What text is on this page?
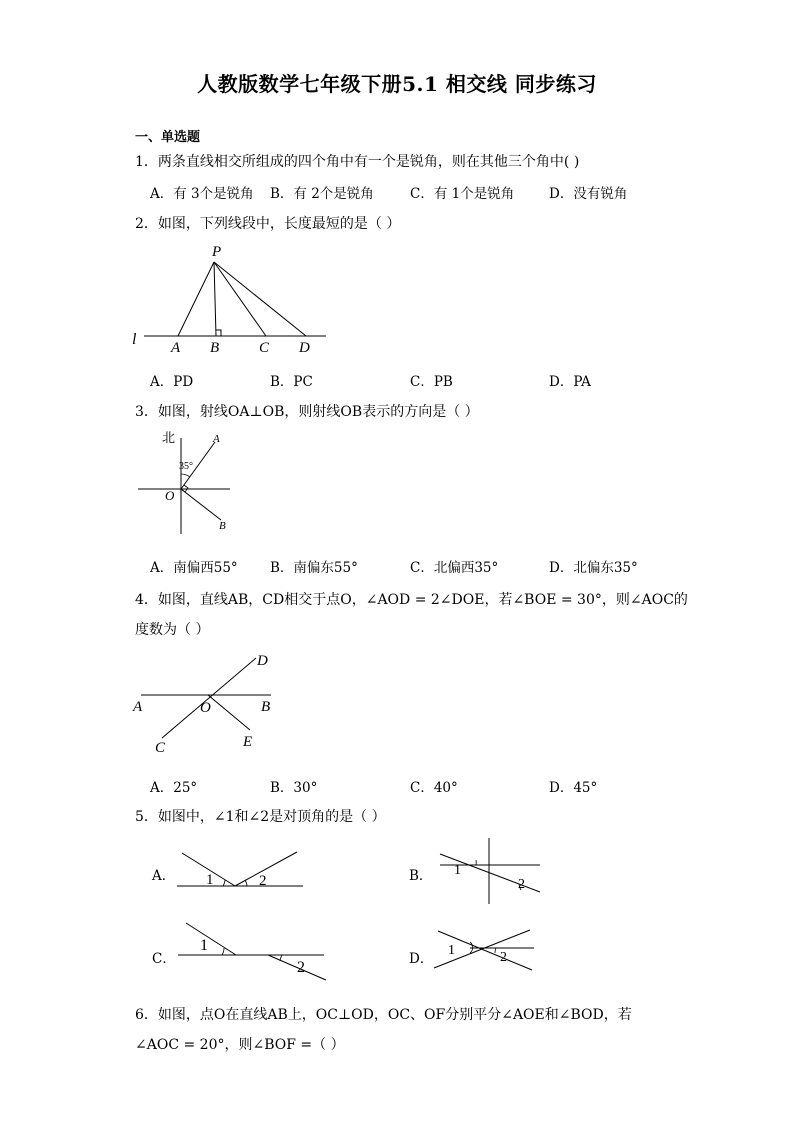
人教版数学七年级下册5.1 相交线 同步练习
一、单选题
1．两条直线相交所组成的四个角中有一个是锐角，则在其他三个角中( )
A．有 3个是锐角 B．有 2个是锐角	C．有 1个是锐角	D．没有锐角
2．如图，下列线段中，长度最短的是（ ）
P
l A B	C D
A．PD	B．PC	C．PB	D．PA
3．如图，射线OA⊥OB，则射线OB表示的方向是（ ）
北
35°
O
A
B
A．南偏西55° B．南偏东55°	C．北偏西35°	D．北偏东35°
4．如图，直线AB，CD相交于点O，∠AOD = 2∠DOE，若∠BOE = 30°，则∠AOC的
度数为（ ）
A	O	B
C	E
D
A．25°	B．30°	C．40°	D．45°
5．如图中，∠1和∠2是对顶角的是（ ）
A． 1	2	B． 1
2
C．
1
2	D．
1	2
6．如图，点O在直线AB上，OC⊥OD，OC、OF分别平分∠AOE和∠BOD，若
∠AOC = 20°，则∠BOF =（ ）
